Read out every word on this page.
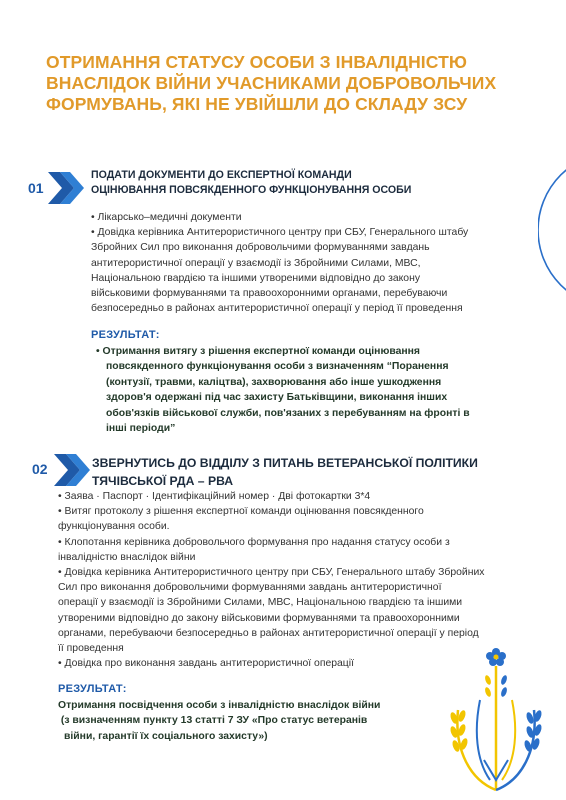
ОТРИМАННЯ СТАТУСУ ОСОБИ З ІНВАЛІДНІСТЮ ВНАСЛІДОК ВІЙНИ УЧАСНИКАМИ ДОБРОВОЛЬЧИХ ФОРМУВАНЬ, ЯКІ НЕ УВІЙШЛИ ДО СКЛАДУ ЗСУ
01
ПОДАТИ ДОКУМЕНТИ ДО ЕКСПЕРТНОЇ КОМАНДИ
ОЦІНЮВАННЯ ПОВСЯКДЕННОГО ФУНКЦІОНУВАННЯ ОСОБИ
• Лікарсько–медичні документи
• Довідка керівника Антитерористичного центру при СБУ, Генерального штабу
Збройних Сил про виконання добровольчими формуваннями завдань
антитерористичної операції у взаємодії із Збройними Силами, МВС,
Національною гвардією та іншими утвореними відповідно до закону
військовими формуваннями та правоохоронними органами, перебуваючи
безпосередньо в районах антитерористичної операції у період її проведення
РЕЗУЛЬТАТ:
• Отримання витягу з рішення експертної команди оцінювання
повсякденного функціонування особи з визначенням “Поранення
(контузії, травми, каліцтва), захворювання або інше ушкодження
здоров'я одержані під час захисту Батьківщини, виконання інших
обов'язків військової служби, пов'язаних з перебуванням на фронті в
інші періоди”
02	ЗВЕРНУТИСЬ ДО ВІДДІЛУ З ПИТАНЬ ВЕТЕРАНСЬКОЇ ПОЛІТИКИ
ТЯЧІВСЬКОЇ РДА – РВА
• Заява · Паспорт · Ідентифікаційний номер · Дві фотокартки 3*4
• Витяг протоколу з рішення експертної команди оцінювання повсякденного
функціонування особи.
• Клопотання керівника добровольчого формування про надання статусу особи з
інвалідністю внаслідок війни
• Довідка керівника Антитерористичного центру при СБУ, Генерального штабу Збройних
Сил про виконання добровольчими формуваннями завдань антитерористичної
операції у взаємодії із Збройними Силами, МВС, Національною гвардією та іншими
утвореними відповідно до закону військовими формуваннями та правоохоронними
органами, перебуваючи безпосередньо в районах антитерористичної операції у період
її проведення
• Довідка про виконання завдань антитерористичної операції
РЕЗУЛЬТАТ:
Отримання посвідчення особи з інвалідністю внаслідок війни
(з визначенням пункту 13 статті 7 ЗУ «Про статус ветеранів
війни, гарантії їх соціального захисту»)
